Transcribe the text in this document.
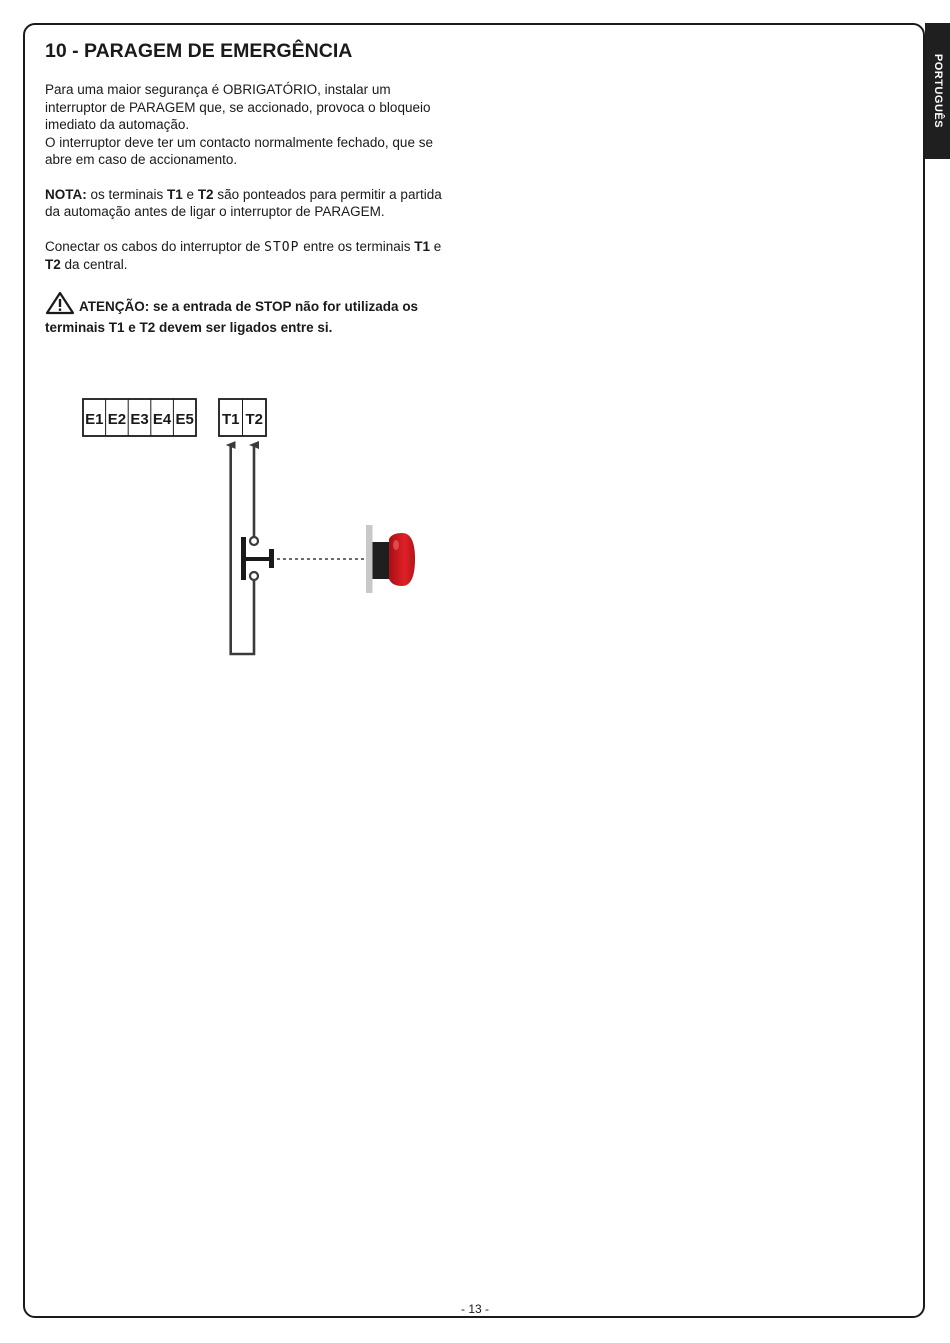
PORTUGUÊS
10 - PARAGEM DE EMERGÊNCIA

Para uma maior segurança é OBRIGATÓRIO, instalar um interruptor de PARAGEM que, se accionado, provoca o bloqueio imediato da automação.
O interruptor deve ter um contacto normalmente fechado, que se abre em caso de accionamento.

NOTA: os terminais T1 e T2 são ponteados para permitir a partida da automação antes de ligar o interruptor de PARAGEM.

Conectar os cabos do interruptor de STOP entre os terminais T1 e T2 da central.

ATENÇÃO: se a entrada de STOP não for utilizada os terminais T1 e T2 devem ser ligados entre si.

E1 E2 E3 E4 E5 T1 T2
- 13 -
